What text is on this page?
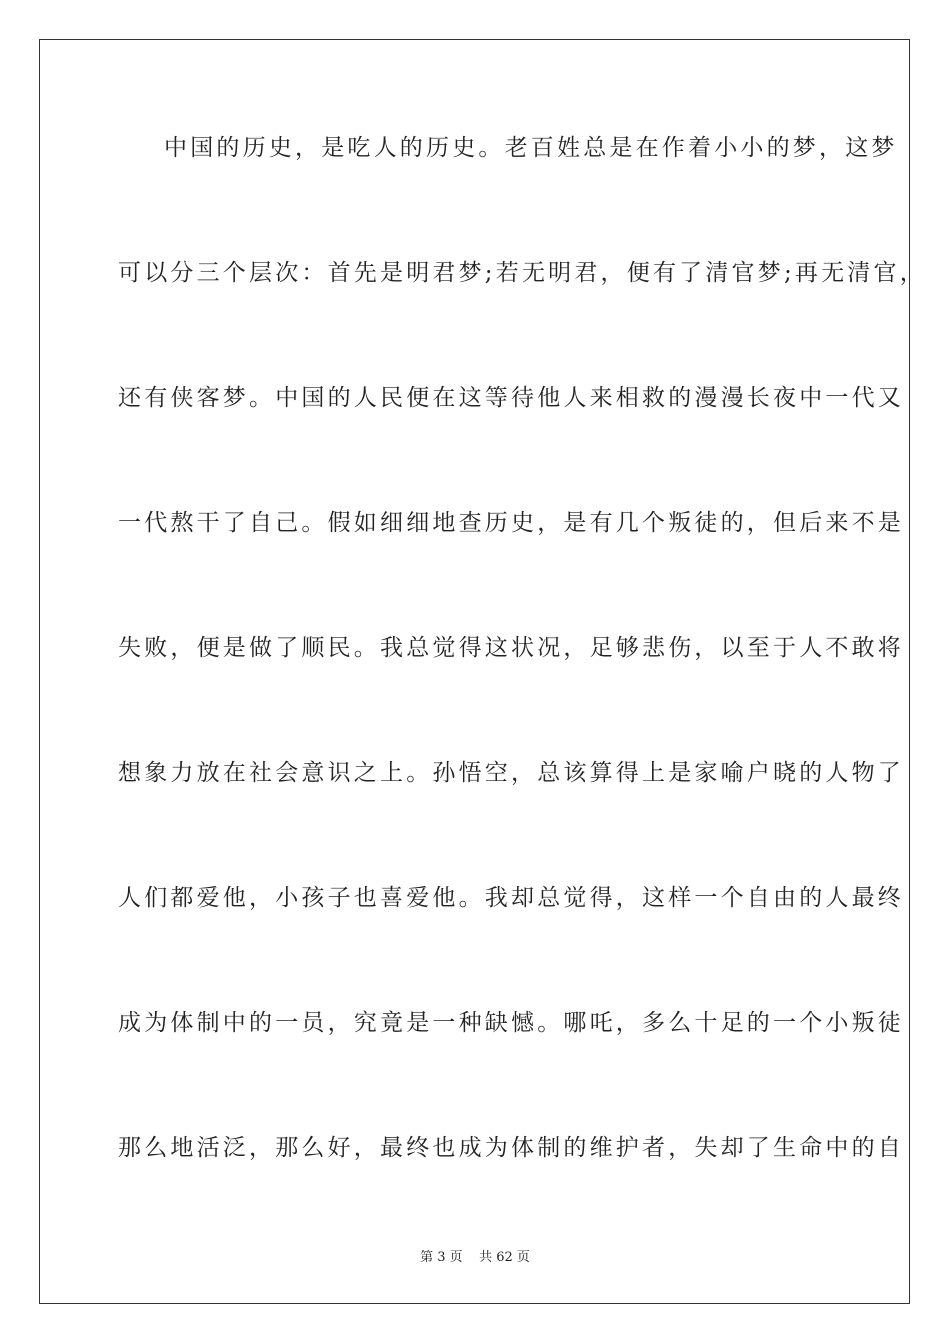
中国的历史，是吃人的历史。老百姓总是在作着小小的梦，这梦
可以分三个层次：首先是明君梦;若无明君，便有了清官梦;再无清官，
还有侠客梦。中国的人民便在这等待他人来相救的漫漫长夜中一代又
一代熬干了自己。假如细细地查历史，是有几个叛徒的，但后来不是
失败，便是做了顺民。我总觉得这状况，足够悲伤，以至于人不敢将
想象力放在社会意识之上。孙悟空，总该算得上是家喻户晓的人物了
人们都爱他，小孩子也喜爱他。我却总觉得，这样一个自由的人最终
成为体制中的一员，究竟是一种缺憾。哪吒，多么十足的一个小叛徒
那么地活泛，那么好，最终也成为体制的维护者，失却了生命中的自
第 3 页    共 62 页
